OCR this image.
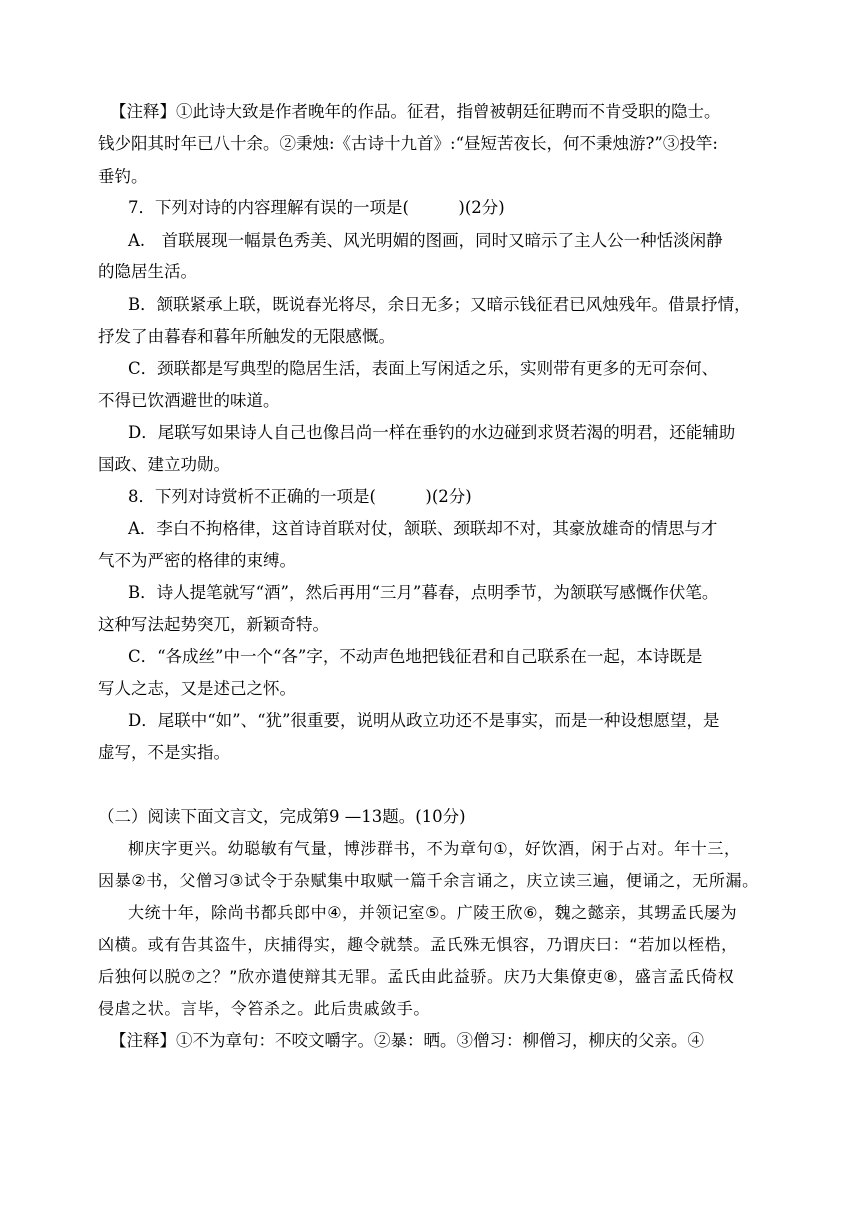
【注释】①此诗大致是作者晚年的作品。征君，指曾被朝廷征聘而不肯受职的隐士。
钱少阳其时年已八十余。②秉烛:《古诗十九首》:“昼短苦夜长，何不秉烛游?”③投竿:
垂钓。
7．下列对诗的内容理解有误的一项是(　　　)(2分)
A.　首联展现一幅景色秀美、风光明媚的图画，同时又暗示了主人公一种恬淡闲静
的隐居生活。
B．颔联紧承上联，既说春光将尽，余日无多；又暗示钱征君已风烛残年。借景抒情，
抒发了由暮春和暮年所触发的无限感慨。
C．颈联都是写典型的隐居生活，表面上写闲适之乐，实则带有更多的无可奈何、
不得已饮酒避世的味道。
D．尾联写如果诗人自己也像吕尚一样在垂钓的水边碰到求贤若渴的明君，还能辅助
国政、建立功勋。
8．下列对诗赏析不正确的一项是(　　　)(2分)
A．李白不拘格律，这首诗首联对仗，颔联、颈联却不对，其豪放雄奇的情思与才
气不为严密的格律的束缚。
B．诗人提笔就写“酒”，然后再用“三月”暮春，点明季节，为颔联写感慨作伏笔。
这种写法起势突兀，新颖奇特。
C．“各成丝”中一个“各”字，不动声色地把钱征君和自己联系在一起，本诗既是
写人之志，又是述己之怀。
D．尾联中“如”、“犹”很重要，说明从政立功还不是事实，而是一种设想愿望，是
虚写，不是实指。
（二）阅读下面文言文，完成第9 —13题。(10分)
柳庆字更兴。幼聪敏有气量，博涉群书，不为章句①，好饮酒，闲于占对。年十三，
因暴②书，父僧习③试令于杂赋集中取赋一篇千余言诵之，庆立读三遍，便诵之，无所漏。
大统十年，除尚书都兵郎中④，并领记室⑤。广陵王欣⑥，魏之懿亲，其甥孟氏屡为
凶横。或有告其盗牛，庆捕得实，趣令就禁。孟氏殊无惧容，乃谓庆曰：“若加以桎梏，
后独何以脱⑦之？”欣亦遣使辩其无罪。孟氏由此益骄。庆乃大集僚吏⑧，盛言孟氏倚权
侵虐之状。言毕，令笞杀之。此后贵戚敛手。
【注释】①不为章句：不咬文嚼字。②暴：晒。③僧习：柳僧习，柳庆的父亲。④
